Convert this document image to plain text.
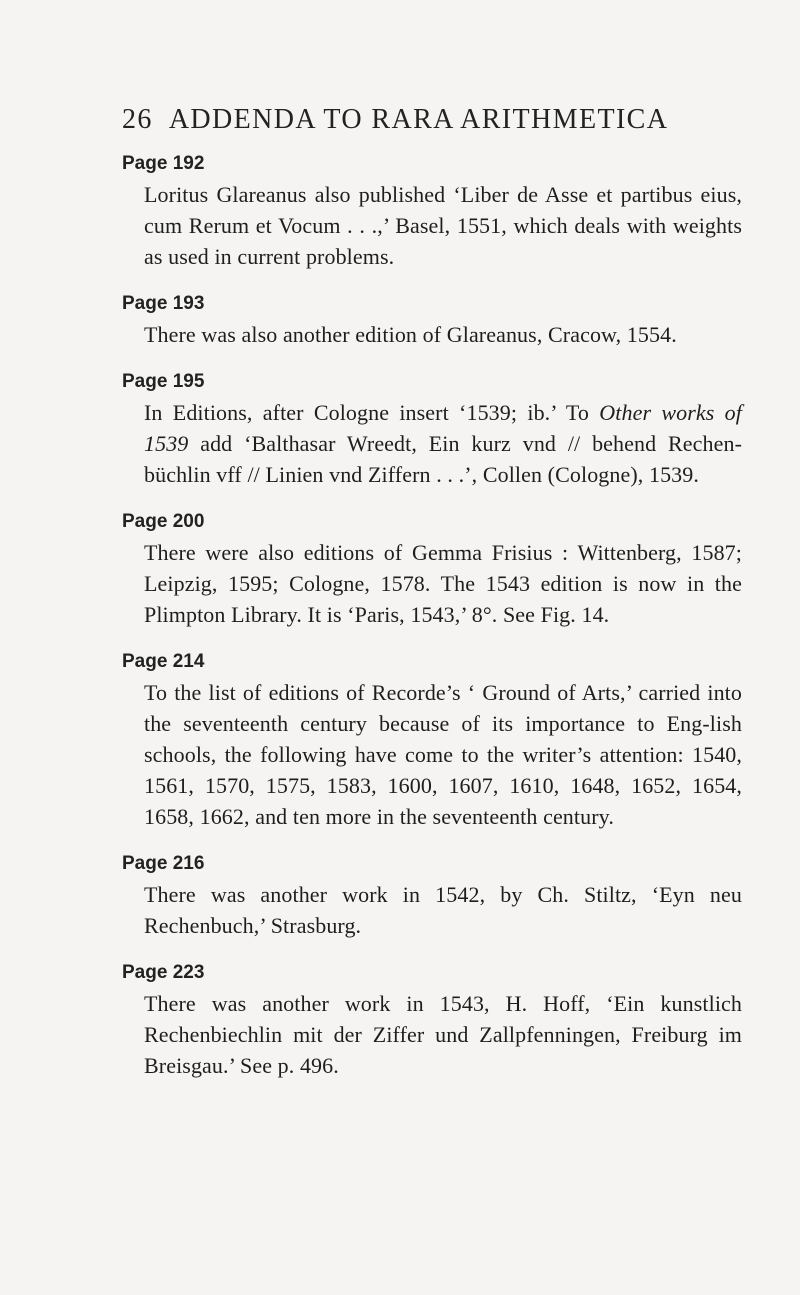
26 ADDENDA TO RARA ARITHMETICA
Page 192

Loritus Glareanus also published ‘Liber de Asse et partibus eius, cum Rerum et Vocum . . .,’ Basel, 1551, which deals with weights as used in current problems.

Page 193

There was also another edition of Glareanus, Cracow, 1554.

Page 195

In Editions, after Cologne insert ‘1539; ib.’ To Other works of 1539 add ‘Balthasar Wreedt, Ein kurz vnd // behend Rechen-büchlin vff // Linien vnd Ziffern . . .’, Collen (Cologne), 1539.

Page 200

There were also editions of Gemma Frisius : Wittenberg, 1587; Leipzig, 1595; Cologne, 1578. The 1543 edition is now in the Plimpton Library. It is ‘Paris, 1543,’ 8°. See Fig. 14.

Page 214

To the list of editions of Recorde’s ‘ Ground of Arts,’ carried into the seventeenth century because of its importance to Eng-lish schools, the following have come to the writer’s attention: 1540, 1561, 1570, 1575, 1583, 1600, 1607, 1610, 1648, 1652, 1654, 1658, 1662, and ten more in the seventeenth century.

Page 216

There was another work in 1542, by Ch. Stiltz, ‘Eyn neu Rechenbuch,’ Strasburg.

Page 223

There was another work in 1543, H. Hoff, ‘Ein kunstlich Rechenbiechlin mit der Ziffer und Zallpfenningen, Freiburg im Breisgau.’ See p. 496.
